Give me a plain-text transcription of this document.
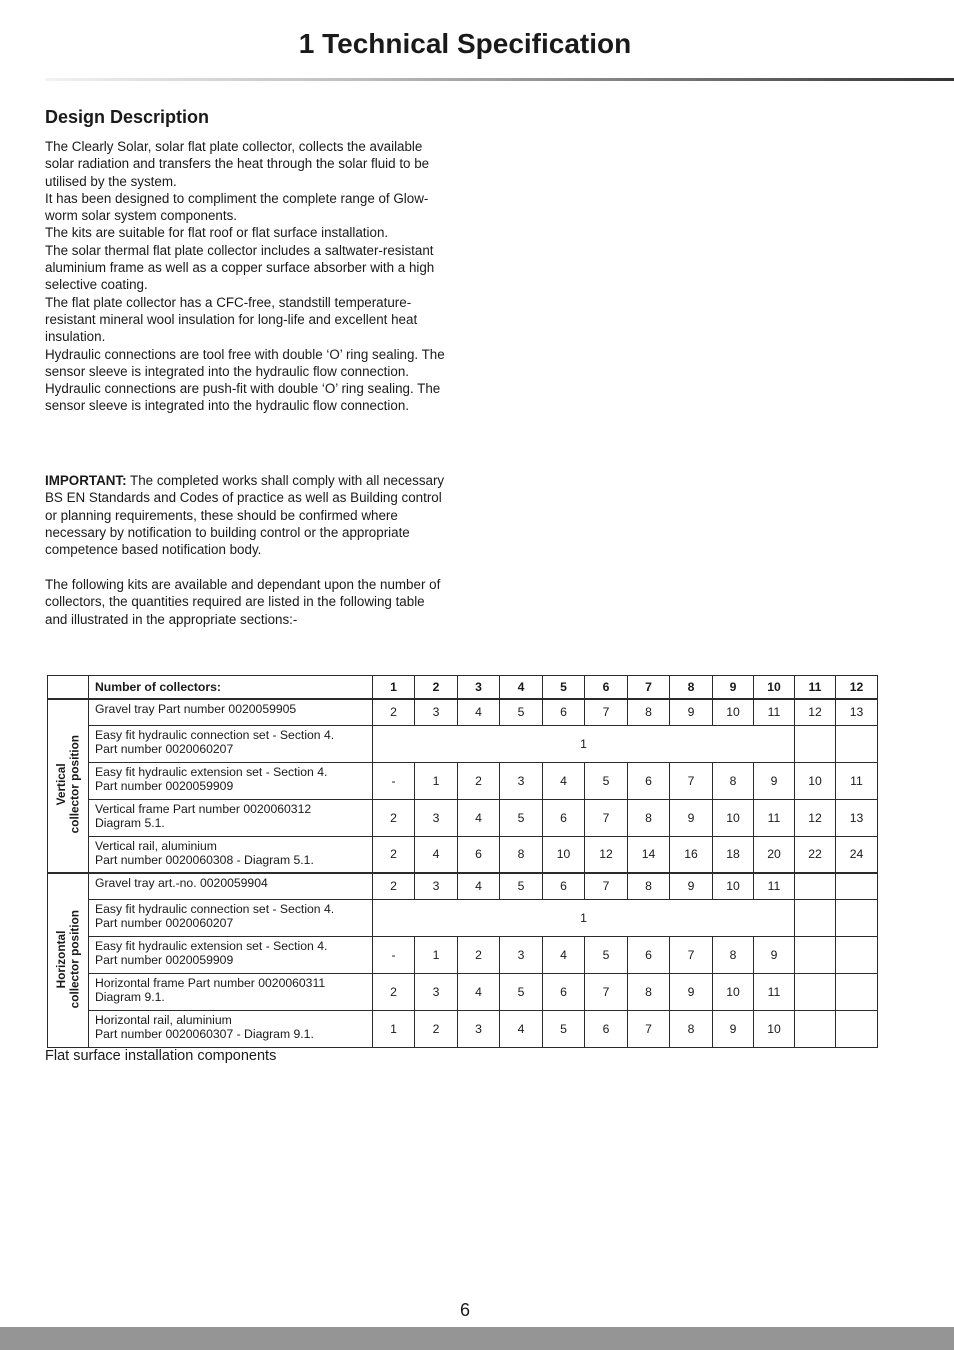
1 Technical Specification
Design Description

The Clearly Solar, solar flat plate collector, collects the available solar radiation and transfers the heat through the solar fluid to be utilised by the system.

It has been designed to compliment the complete range of Glow-worm solar system components.

The kits are suitable for flat roof or flat surface installation.

The solar thermal flat plate collector includes a saltwater-resistant aluminium frame as well as a copper surface absorber with a high selective coating.

The flat plate collector has a CFC-free, standstill temperature-resistant mineral wool insulation for long-life and excellent heat insulation.

Hydraulic connections are tool free with double ‘O’ ring sealing. The sensor sleeve is integrated into the hydraulic flow connection.

Hydraulic connections are push-fit with double ‘O’ ring sealing. The sensor sleeve is integrated into the hydraulic flow connection.

IMPORTANT: The completed works shall comply with all necessary BS EN Standards and Codes of practice as well as Building control or planning requirements, these should be confirmed where necessary by notification to building control or the appropriate competence based notification body.

The following kits are available and dependant upon the number of collectors, the quantities required are listed in the following table and illustrated in the appropriate sections:-

	Number of collectors:	1	2	3	4	5	6	7	8	9	10	11	12

Vertical collector position	Gravel tray Part number 0020059905	2	3	4	5	6	7	8	9	10	11	12	13

	Easy fit hydraulic connection set - Section 4.
Part number 0020060207	1											

	Easy fit hydraulic extension set - Section 4.
Part number 0020059909	-	1	2	3	4	5	6	7	8	9	10	11

	Vertical frame Part number 0020060312
Diagram 5.1.	2	3	4	5	6	7	8	9	10	11	12	13

	Vertical rail, aluminium
Part number 0020060308 - Diagram 5.1.	2	4	6	8	10	12	14	16	18	20	22	24

Horizontal collector position	Gravel tray art.-no. 0020059904	2	3	4	5	6	7	8	9	10	11		

	Easy fit hydraulic connection set - Section 4.
Part number 0020060207	1											

	Easy fit hydraulic extension set - Section 4.
Part number 0020059909	-	1	2	3	4	5	6	7	8	9		

	Horizontal frame Part number 0020060311
Diagram 9.1.	2	3	4	5	6	7	8	9	10	11		

	Horizontal rail, aluminium
Part number 0020060307 - Diagram 9.1.	1	2	3	4	5	6	7	8	9	10		
Flat surface installation components
6
